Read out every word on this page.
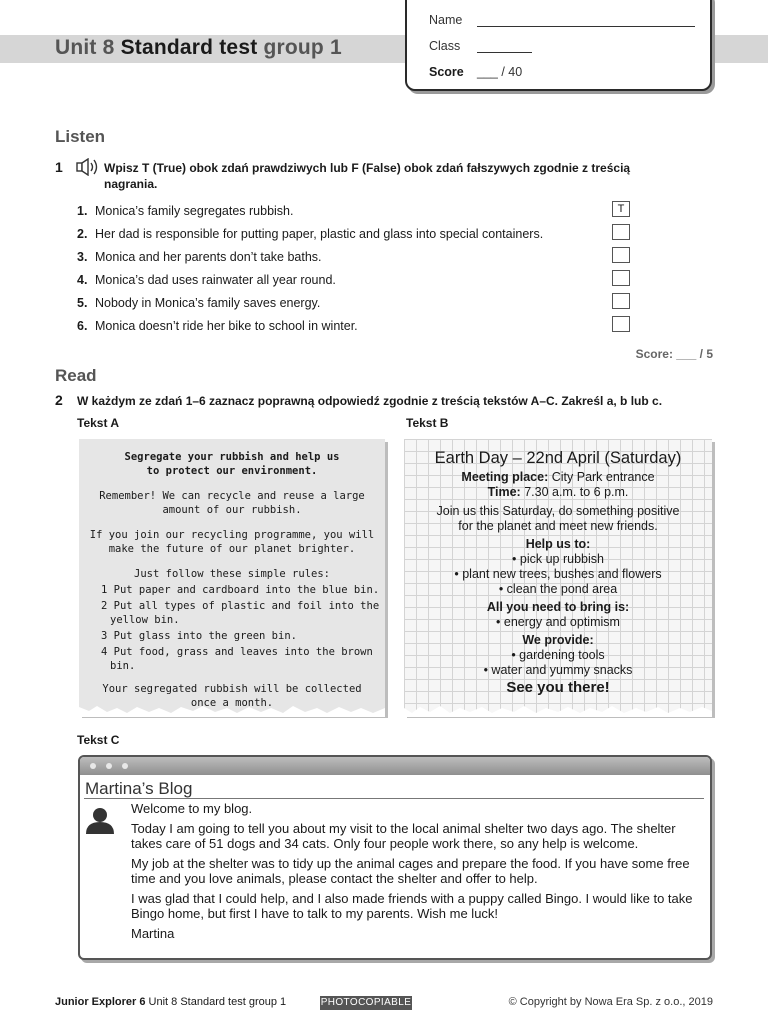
Unit 8 Standard test group 1
Name
Class
Score ___ / 40
Listen
1	Wpisz T (True) obok zdań prawdziwych lub F (False) obok zdań fałszywych zgodnie z treścią
nagrania.
1. Monica’s family segregates rubbish.	T
2. Her dad is responsible for putting paper, plastic and glass into special containers.
3. Monica and her parents don’t take baths.
4. Monica’s dad uses rainwater all year round.
5. Nobody in Monica’s family saves energy.
6. Monica doesn’t ride her bike to school in winter.
Score: ___ / 5
Read
2 W każdym ze zdań 1–6 zaznacz poprawną odpowiedź zgodnie z treścią tekstów A–C. Zakreśl a, b lub c.
Tekst A	Tekst B

Segregate your rubbish and help us
to protect our environment.

Remember! We can recycle and reuse a large
amount of our rubbish.

If you join our recycling programme, you will
make the future of our planet brighter.

Just follow these simple rules:

1 Put paper and cardboard into the blue bin.
2 Put all types of plastic and foil into the yellow bin.
3 Put glass into the green bin.
4 Put food, grass and leaves into the brown bin.

Your segregated rubbish will be collected
once a month.

Earth Day – 22nd April (Saturday)
Meeting place: City Park entrance
Time: 7.30 a.m. to 6 p.m.
Join us this Saturday, do something positive
for the planet and meet new friends.
Help us to:
• pick up rubbish
• plant new trees, bushes and flowers
• clean the pond area
All you need to bring is:
• energy and optimism
We provide:
• gardening tools
• water and yummy snacks
See you there!
Tekst C
Martina’s Blog

Welcome to my blog.

Today I am going to tell you about my visit to the local animal shelter two days ago. The shelter takes care of 51 dogs and 34 cats. Only four people work there, so any help is welcome.

My job at the shelter was to tidy up the animal cages and prepare the food. If you have some free time and you love animals, please contact the shelter and offer to help.

I was glad that I could help, and I also made friends with a puppy called Bingo. I would like to take Bingo home, but first I have to talk to my parents. Wish me luck!

Martina

Junior Explorer 6 Unit 8 Standard test group 1	PHOTOCOPIABLE	© Copyright by Nowa Era Sp. z o.o., 2019
